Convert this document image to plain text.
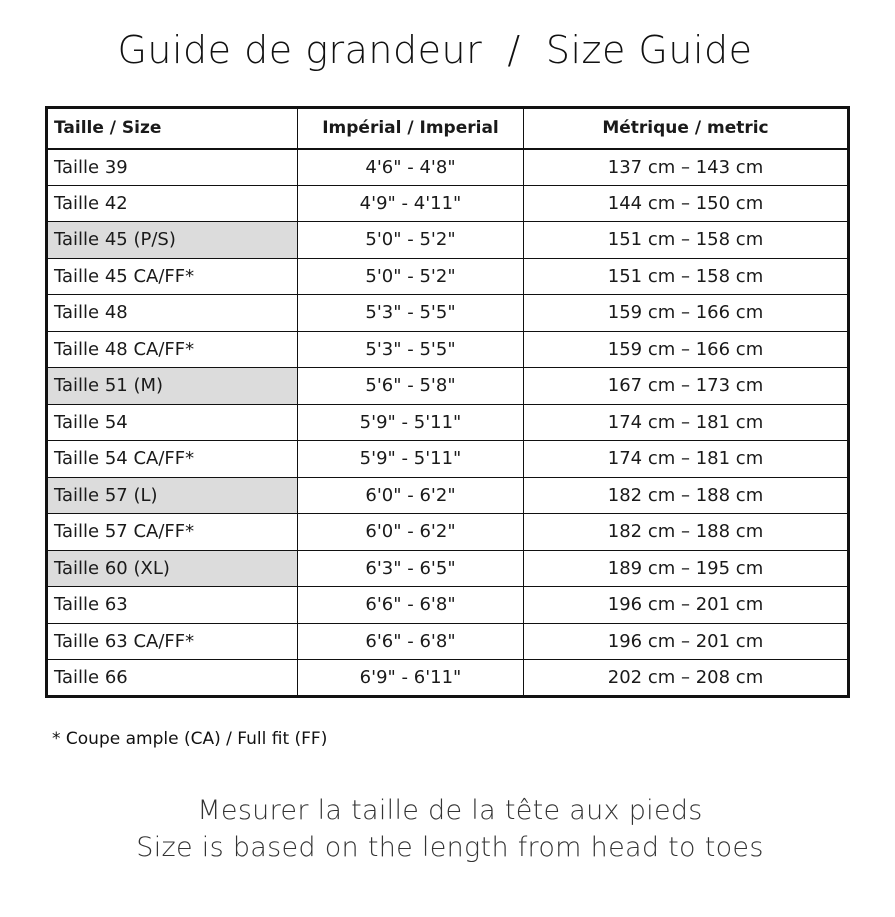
Guide de grandeur  /  Size Guide
Taille / Size	Impérial / Imperial	Métrique / metric
Taille 39	4'6" - 4'8"	137 cm – 143 cm
Taille 42	4'9" - 4'11"	144 cm – 150 cm
Taille 45 (P/S)	5'0" - 5'2"	151 cm – 158 cm
Taille 45 CA/FF*	5'0" - 5'2"	151 cm – 158 cm
Taille 48	5'3" - 5'5"	159 cm – 166 cm
Taille 48 CA/FF*	5'3" - 5'5"	159 cm – 166 cm
Taille 51 (M)	5'6" - 5'8"	167 cm – 173 cm
Taille 54	5'9" - 5'11"	174 cm – 181 cm
Taille 54 CA/FF*	5'9" - 5'11"	174 cm – 181 cm
Taille 57 (L)	6'0" - 6'2"	182 cm – 188 cm
Taille 57 CA/FF*	6'0" - 6'2"	182 cm – 188 cm
Taille 60 (XL)	6'3" - 6'5"	189 cm – 195 cm
Taille 63	6'6" - 6'8"	196 cm – 201 cm
Taille 63 CA/FF*	6'6" - 6'8"	196 cm – 201 cm
Taille 66	6'9" - 6'11"	202 cm – 208 cm
* Coupe ample (CA) / Full fit (FF)
Mesurer la taille de la tête aux pieds
Size is based on the length from head to toes
